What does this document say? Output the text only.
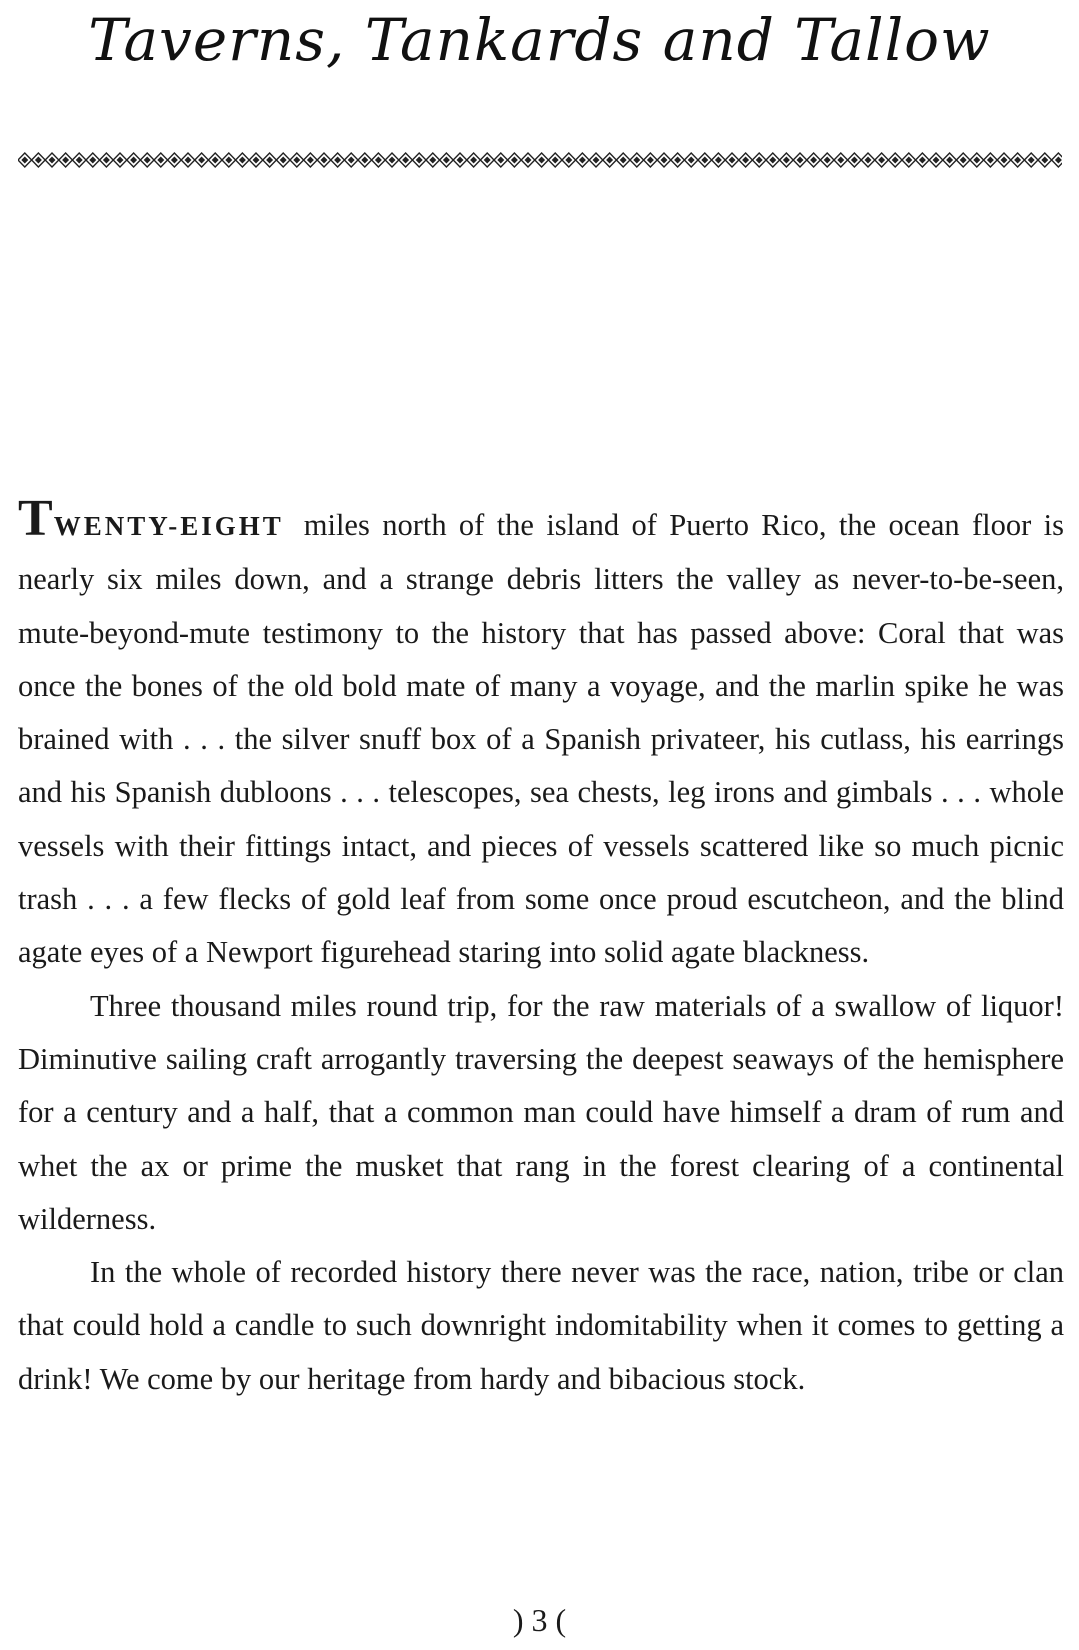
Taverns, Tankards and Tallow

TWENTY-EIGHT miles north of the island of Puerto Rico, the ocean floor is nearly six miles down, and a strange debris litters the valley as never-to-be-seen, mute-beyond-mute testimony to the history that has passed above: Coral that was once the bones of the old bold mate of many a voyage, and the marlin spike he was brained with . . . the silver snuff box of a Spanish privateer, his cutlass, his earrings and his Spanish dubloons . . . telescopes, sea chests, leg irons and gimbals . . . whole vessels with their fittings intact, and pieces of vessels scattered like so much picnic trash . . . a few flecks of gold leaf from some once proud escutcheon, and the blind agate eyes of a Newport figurehead staring into solid agate blackness.

Three thousand miles round trip, for the raw materials of a swallow of liquor! Diminutive sailing craft arrogantly traversing the deepest seaways of the hemisphere for a century and a half, that a common man could have himself a dram of rum and whet the ax or prime the musket that rang in the forest clearing of a continental wilderness.

In the whole of recorded history there never was the race, nation, tribe or clan that could hold a candle to such downright indomitability when it comes to getting a drink! We come by our heritage from hardy and bibacious stock.

) 3 (
